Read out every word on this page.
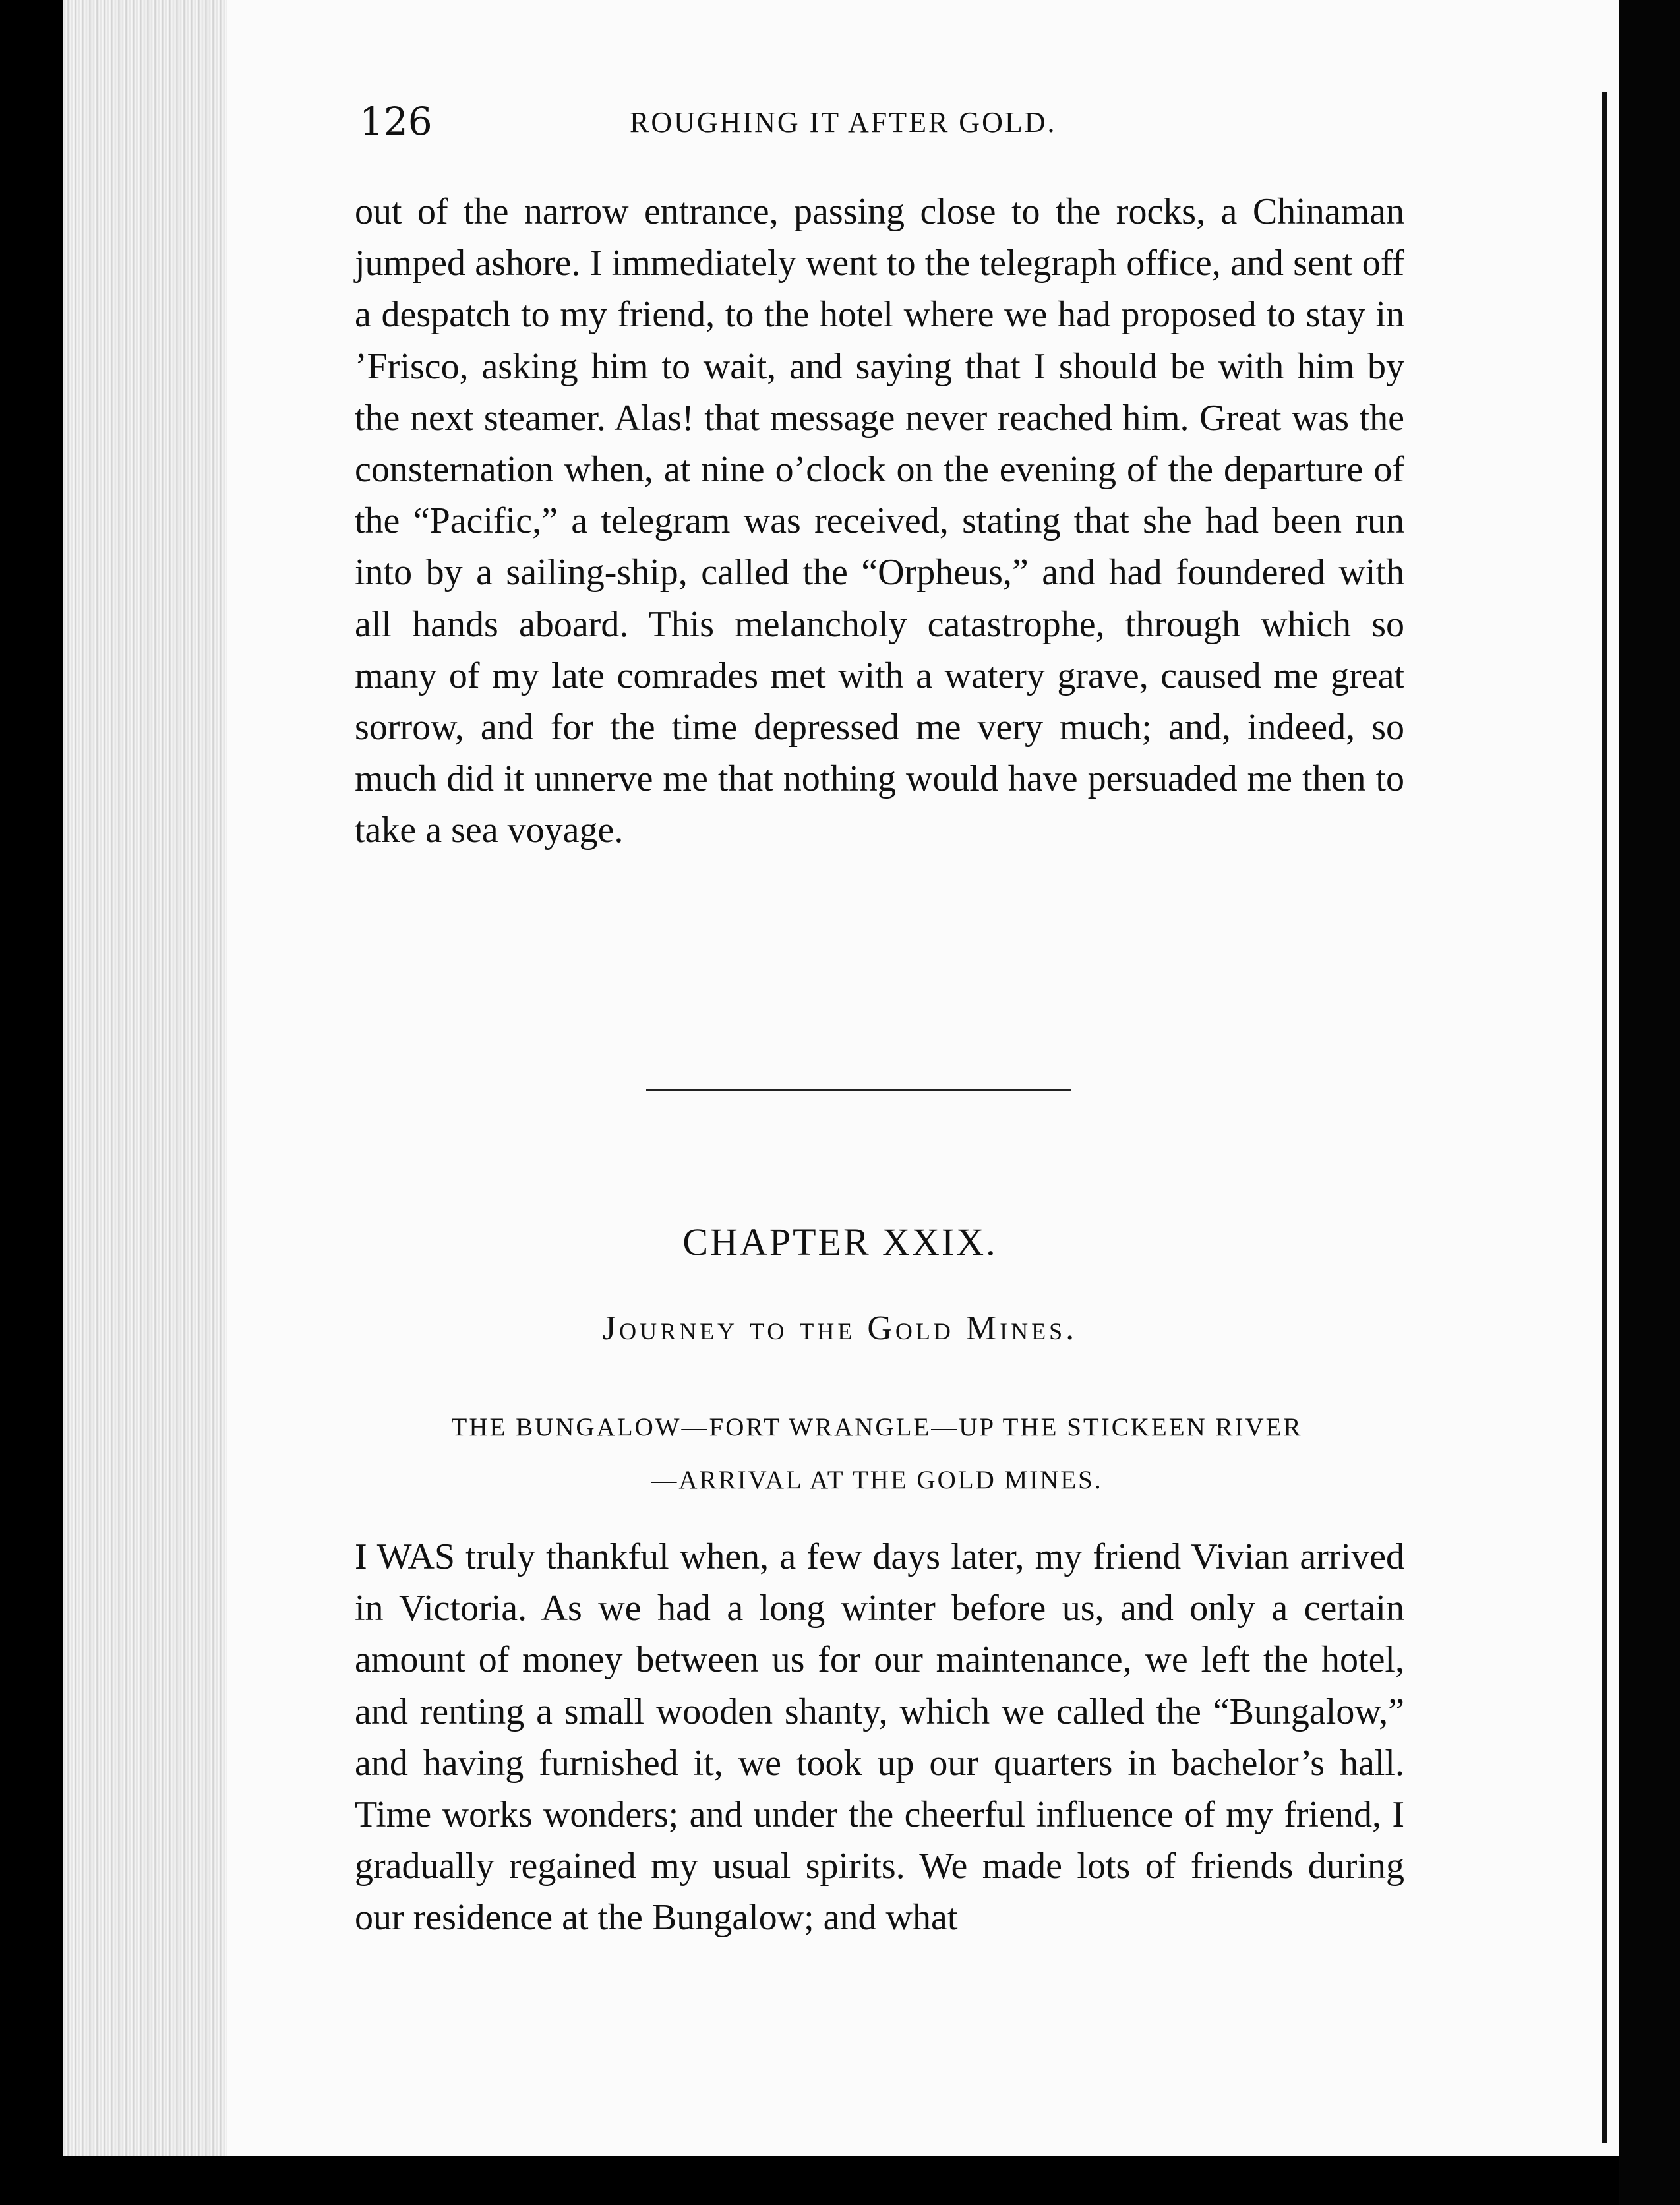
126	ROUGHING IT AFTER GOLD.

out of the narrow entrance, passing close to the rocks, a Chinaman jumped ashore. I immediately went to the telegraph office, and sent off a despatch to my friend, to the hotel where we had proposed to stay in ’Frisco, asking him to wait, and saying that I should be with him by the next steamer. Alas! that message never reached him. Great was the consternation when, at nine o’clock on the evening of the departure of the “Pacific,” a telegram was received, stating that she had been run into by a sailing-ship, called the “Orpheus,” and had foundered with all hands aboard. This melancholy catastrophe, through which so many of my late comrades met with a watery grave, caused me great sorrow, and for the time depressed me very much; and, indeed, so much did it unnerve me that nothing would have persuaded me then to take a sea voyage.

CHAPTER XXIX.
Journey to the Gold Mines.
THE BUNGALOW—FORT WRANGLE—UP THE STICKEEN RIVER
—ARRIVAL AT THE GOLD MINES.

I WAS truly thankful when, a few days later, my friend Vivian arrived in Victoria. As we had a long winter before us, and only a certain amount of money between us for our maintenance, we left the hotel, and renting a small wooden shanty, which we called the “Bungalow,” and having furnished it, we took up our quarters in bachelor’s hall. Time works wonders; and under the cheerful influence of my friend, I gradually regained my usual spirits. We made lots of friends during our residence at the Bungalow; and what
